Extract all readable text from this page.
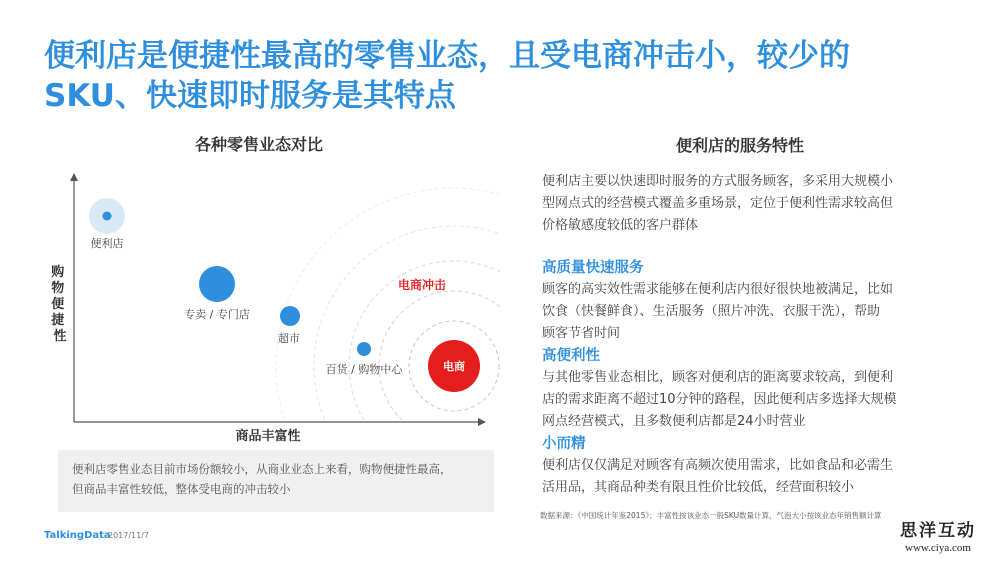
便利店是便捷性最高的零售业态，且受电商冲击小，较少的
SKU、快速即时服务是其特点
各种零售业态对比	便利店的服务特性
购 物 便 捷 性
商品丰富性
电商冲击
便利店
专卖 / 专门店
超市
百货 / 购物中心	电商
便利店零售业态目前市场份额较小，从商业业态上来看，购物便捷性最高，
但商品丰富性较低，整体受电商的冲击较小
便利店主要以快速即时服务的方式服务顾客，多采用大规模小
型网点式的经营模式覆盖多重场景，定位于便利性需求较高但
价格敏感度较低的客户群体
高质量快速服务
顾客的高实效性需求能够在便利店内很好很快地被满足，比如
饮食（快餐鲜食）、生活服务（照片冲洗、衣服干洗），帮助
顾客节省时间
高便利性
与其他零售业态相比，顾客对便利店的距离要求较高，到便利
店的需求距离不超过10分钟的路程，因此便利店多选择大规模
网点经营模式，且多数便利店都是24小时营业
小而精
便利店仅仅满足对顾客有高频次使用需求，比如食品和必需生
活用品，其商品种类有限且性价比较低，经营面积较小
数据来源：《中国统计年鉴2015》；丰富性按该业态一般SKU数量计算，气泡大小按该业态年销售额计算
TalkingData
2017/11/7	思洋互动
www.ciya.com
